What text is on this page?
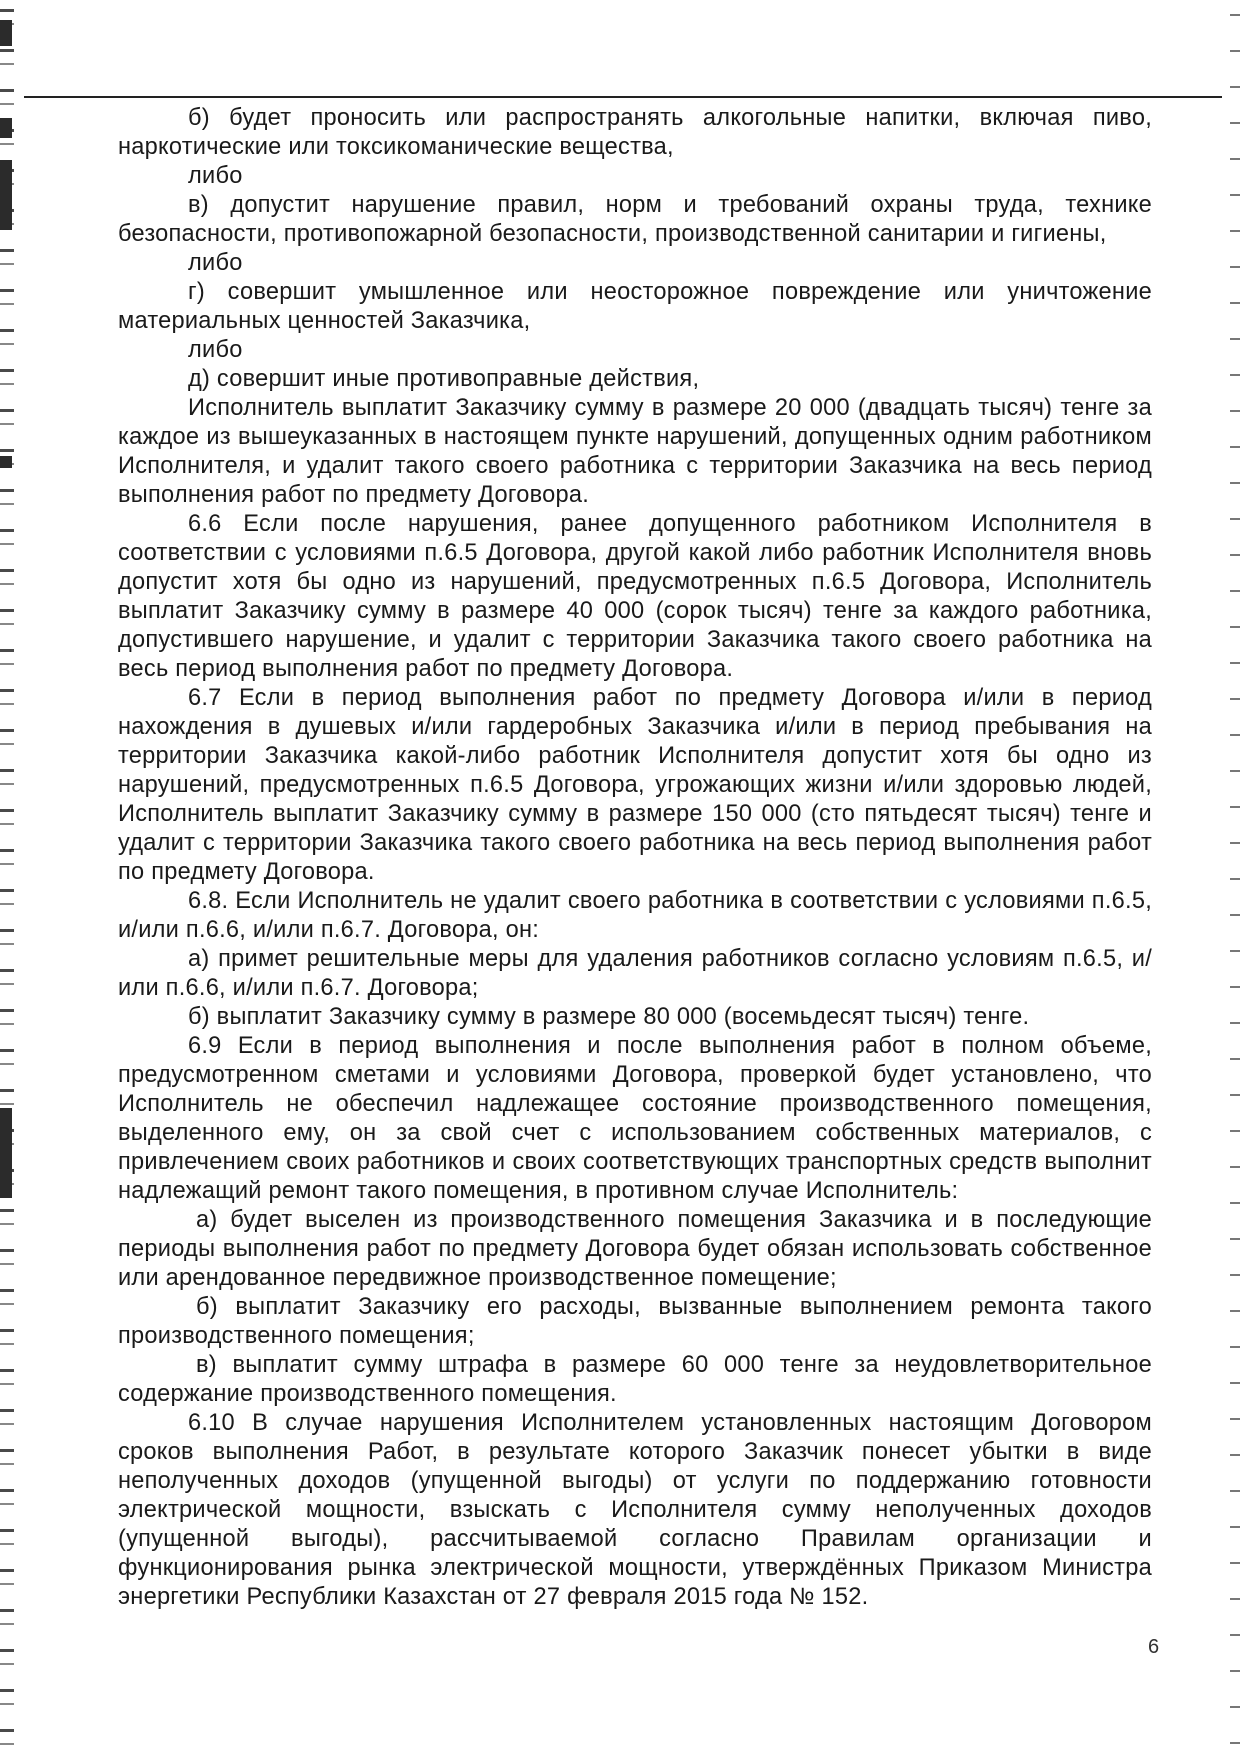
б) будет проносить или распространять алкогольные напитки, включая пиво, наркотические или токсикоманические вещества,

либо

в) допустит нарушение правил, норм и требований охраны труда, технике безопасности, противопожарной безопасности, производственной санитарии и гигиены,

либо

г) совершит умышленное или неосторожное повреждение или уничтожение материальных ценностей Заказчика,

либо

д) совершит иные противоправные действия,

Исполнитель выплатит Заказчику сумму в размере 20 000 (двадцать тысяч) тенге за каждое из вышеуказанных в настоящем пункте нарушений, допущенных одним работником Исполнителя, и удалит такого своего работника с территории Заказчика на весь период выполнения работ по предмету Договора.

6.6 Если после нарушения, ранее допущенного работником Исполнителя в соответствии с условиями п.6.5 Договора, другой какой либо работник Исполнителя вновь допустит хотя бы одно из нарушений, предусмотренных п.6.5 Договора, Исполнитель выплатит Заказчику сумму в размере 40 000 (сорок тысяч) тенге за каждого работника, допустившего нарушение, и удалит с территории Заказчика такого своего работника на весь период выполнения работ по предмету Договора.

6.7 Если в период выполнения работ по предмету Договора и/или в период нахождения в душевых и/или гардеробных Заказчика и/или в период пребывания на территории Заказчика какой-либо работник Исполнителя допустит хотя бы одно из нарушений, предусмотренных п.6.5 Договора, угрожающих жизни и/или здоровью людей, Исполнитель выплатит Заказчику сумму в размере 150 000 (сто пятьдесят тысяч) тенге и удалит с территории Заказчика такого своего работника на весь период выполнения работ по предмету Договора.

6.8. Если Исполнитель не удалит своего работника в соответствии с условиями п.6.5, и/или п.6.6, и/или п.6.7. Договора, он:

а) примет решительные меры для удаления работников согласно условиям п.6.5, и/или п.6.6, и/или п.6.7. Договора;

б) выплатит Заказчику сумму в размере 80 000 (восемьдесят тысяч) тенге.

6.9 Если в период выполнения и после выполнения работ в полном объеме, предусмотренном сметами и условиями Договора, проверкой будет установлено, что Исполнитель не обеспечил надлежащее состояние производственного помещения, выделенного ему, он за свой счет с использованием собственных материалов, с привлечением своих работников и своих соответствующих транспортных средств выполнит надлежащий ремонт такого помещения, в противном случае Исполнитель:

а) будет выселен из производственного помещения Заказчика и в последующие периоды выполнения работ по предмету Договора будет обязан использовать собственное или арендованное передвижное производственное помещение;

б) выплатит Заказчику его расходы, вызванные выполнением ремонта такого производственного помещения;

в) выплатит сумму штрафа в размере 60 000 тенге за неудовлетворительное содержание производственного помещения.

6.10 В случае нарушения Исполнителем установленных настоящим Договором сроков выполнения Работ, в результате которого Заказчик понесет убытки в виде неполученных доходов (упущенной выгоды) от услуги по поддержанию готовности электрической мощности, взыскать с Исполнителя сумму неполученных доходов (упущенной выгоды), рассчитываемой согласно Правилам организации и функционирования рынка электрической мощности, утверждённых Приказом Министра энергетики Республики Казахстан от 27 февраля 2015 года № 152.

6
